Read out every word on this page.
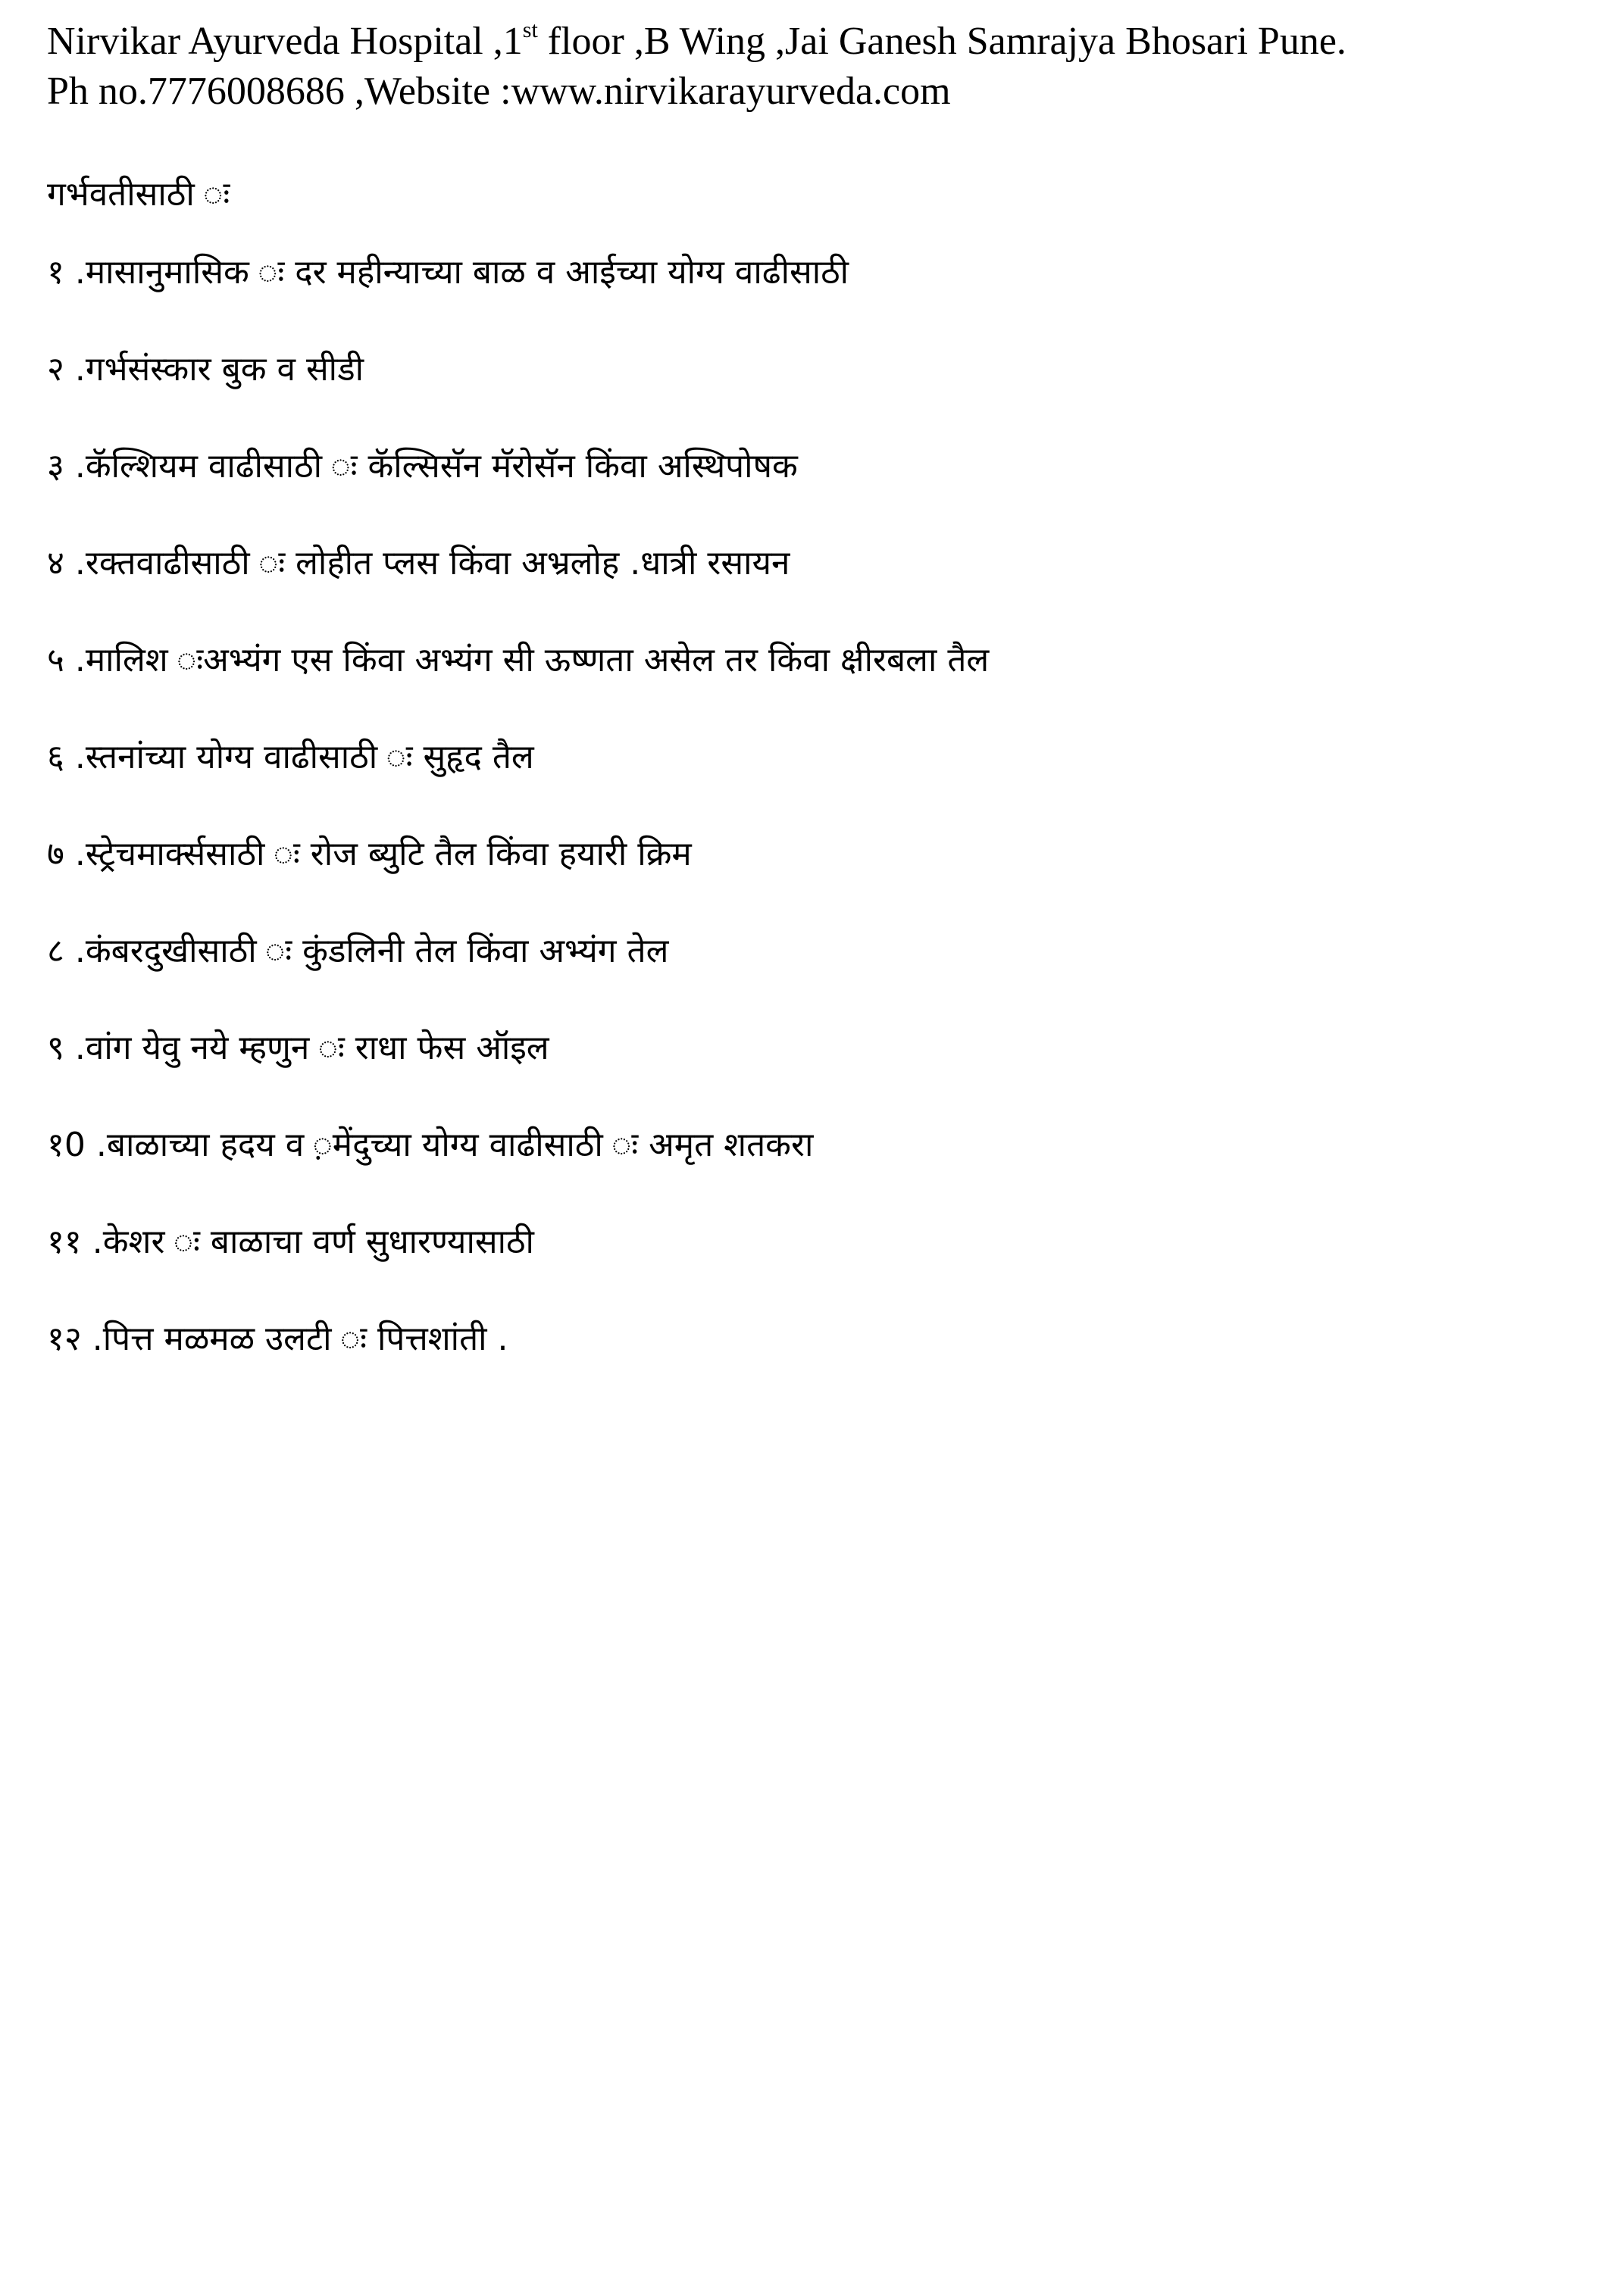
Nirvikar Ayurveda Hospital ,1st floor ,B Wing ,Jai Ganesh Samrajya Bhosari Pune.
Ph no.7776008686 ,Website :www.nirvikarayurveda.com
गर्भवतीसाठी ः
१ .मासानुमासिक ः दर महीन्याच्या बाळ व आईच्या योग्य वाढीसाठी
२ .गर्भसंस्कार बुक व सीडी
३ .कॅल्शियम वाढीसाठी ः कॅल्सिसॅन मॅरोसॅन किंवा अस्थिपोषक
४ .रक्तवाढीसाठी ः लोहीत प्लस किंवा अभ्रलोह .धात्री रसायन
५ .मालिश ःअभ्यंग एस किंवा अभ्यंग सी ऊष्णता असेल तर किंवा क्षीरबला तैल
६ .स्तनांच्या योग्य वाढीसाठी ः सुहृद तैल
७ .स्ट्रेचमार्क्ससाठी ः रोज ब्युटि तैल किंवा हयारी क्रिम
८ .कंबरदुखीसाठी ः कुंडलिनी तेल किंवा अभ्यंग तेल
९ .वांग येवु नये म्हणुन ः राधा फेस ऑइल
१0 .बाळाच्या हदय व ़मेंदुच्या योग्य वाढीसाठी ः अमृत शतकरा
११ .केशर ः बाळाचा वर्ण सुधारण्यासाठी
१२ .पित्त मळमळ उलटी ः पित्तशांती .
